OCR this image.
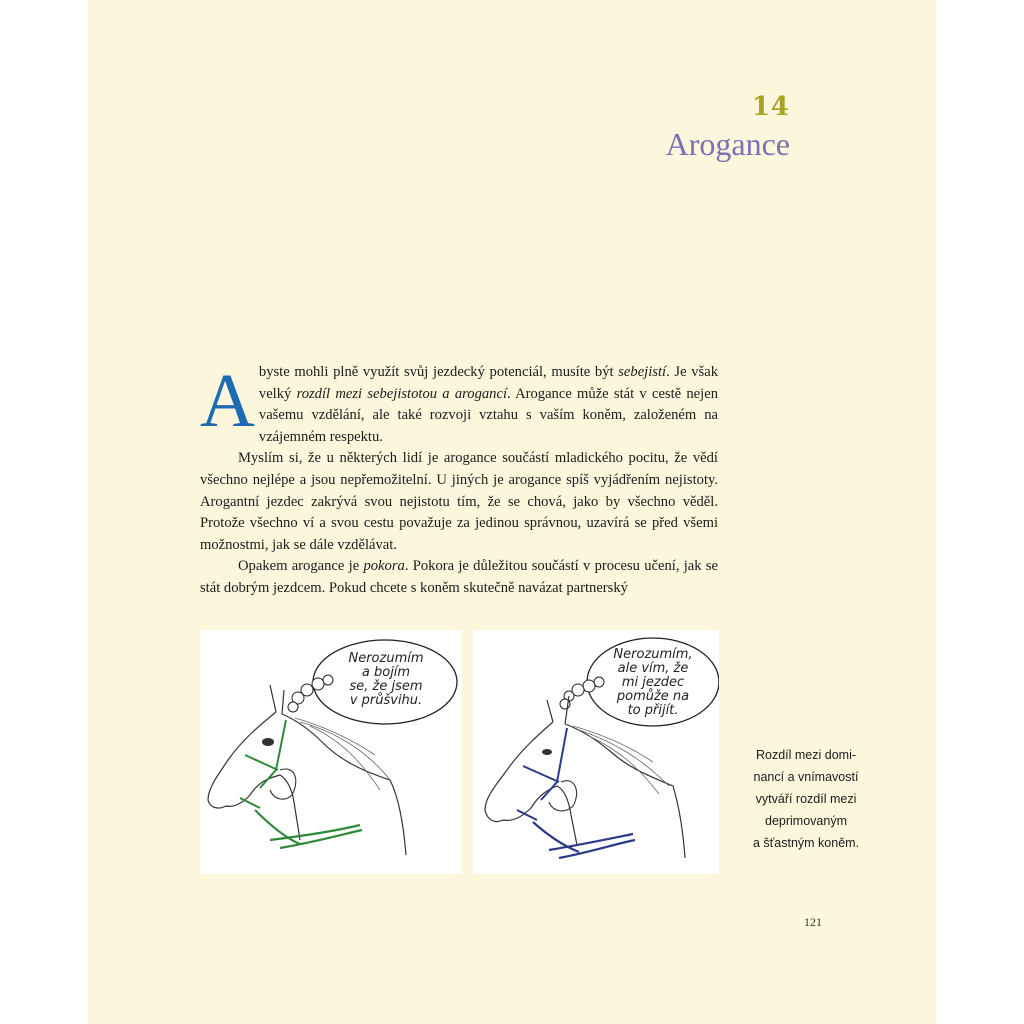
14
Arogance

Abyste mohli plně využít svůj jezdecký potenciál, musíte být sebejistí. Je však velký rozdíl mezi sebejistotou a arogancí. Arogance může stát v cestě nejen vašemu vzdělání, ale také rozvoji vztahu s vaším koněm, založeném na vzájemném respektu.

Myslím si, že u některých lidí je arogance součástí mladického pocitu, že vědí všechno nejlépe a jsou nepřemožitelní. U jiných je arogance spíš vyjádřením nejistoty. Arogantní jezdec zakrývá svou nejistotu tím, že se chová, jako by všechno věděl. Protože všechno ví a svou cestu považuje za jedinou správnou, uzavírá se před všemi možnostmi, jak se dále vzdělávat.

Opakem arogance je pokora. Pokora je důležitou součástí v procesu učení, jak se stát dobrým jezdcem. Pokud chcete s koněm skutečně navázat partnerský

Nerozumím
a bojím
se, že jsem
v průšvihu.
Nerozumím,
ale vím, že
mi jezdec
pomůže na
to přijít.
Rozdíl mezi domi-
nancí a vnímavostí
vytváří rozdíl mezi
deprimovaným
a šťastným koněm.
121
